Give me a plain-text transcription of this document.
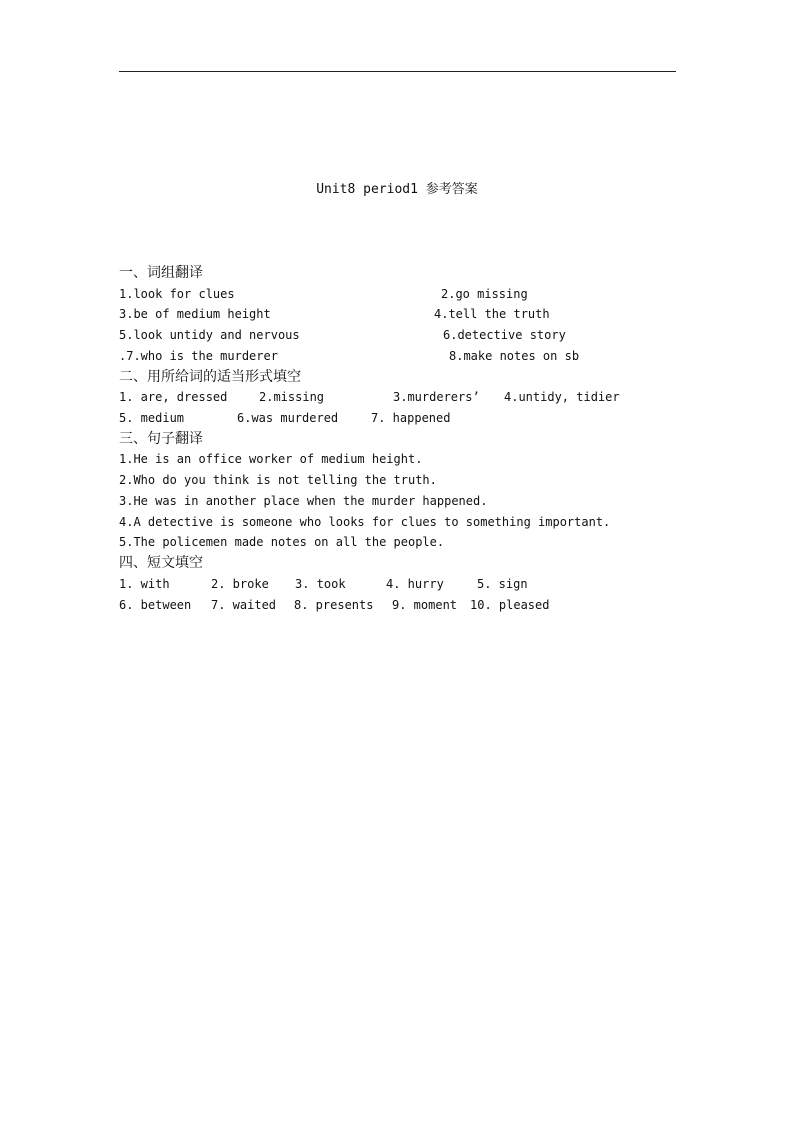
Unit8 period1 参考答案
一、词组翻译
1.look for clues	2.go missing
3.be of medium height	4.tell the truth
5.look untidy and nervous	6.detective story
.7.who is the murderer	8.make notes on sb
二、用所给词的适当形式填空
1. are, dressed	2.missing	3.murderers’ 4.untidy, tidier
5. medium	6.was murdered	7. happened
三、句子翻译
1.He is an office worker of medium height.
2.Who do you think is not telling the truth.
3.He was in another place when the murder happened.
4.A detective is someone who looks for clues to something important.
5.The policemen made notes on all the people.
四、短文填空
1. with	2. broke 3. took	4. hurry	5. sign
6. between 7. waited 8. presents 9. moment 10. pleased
